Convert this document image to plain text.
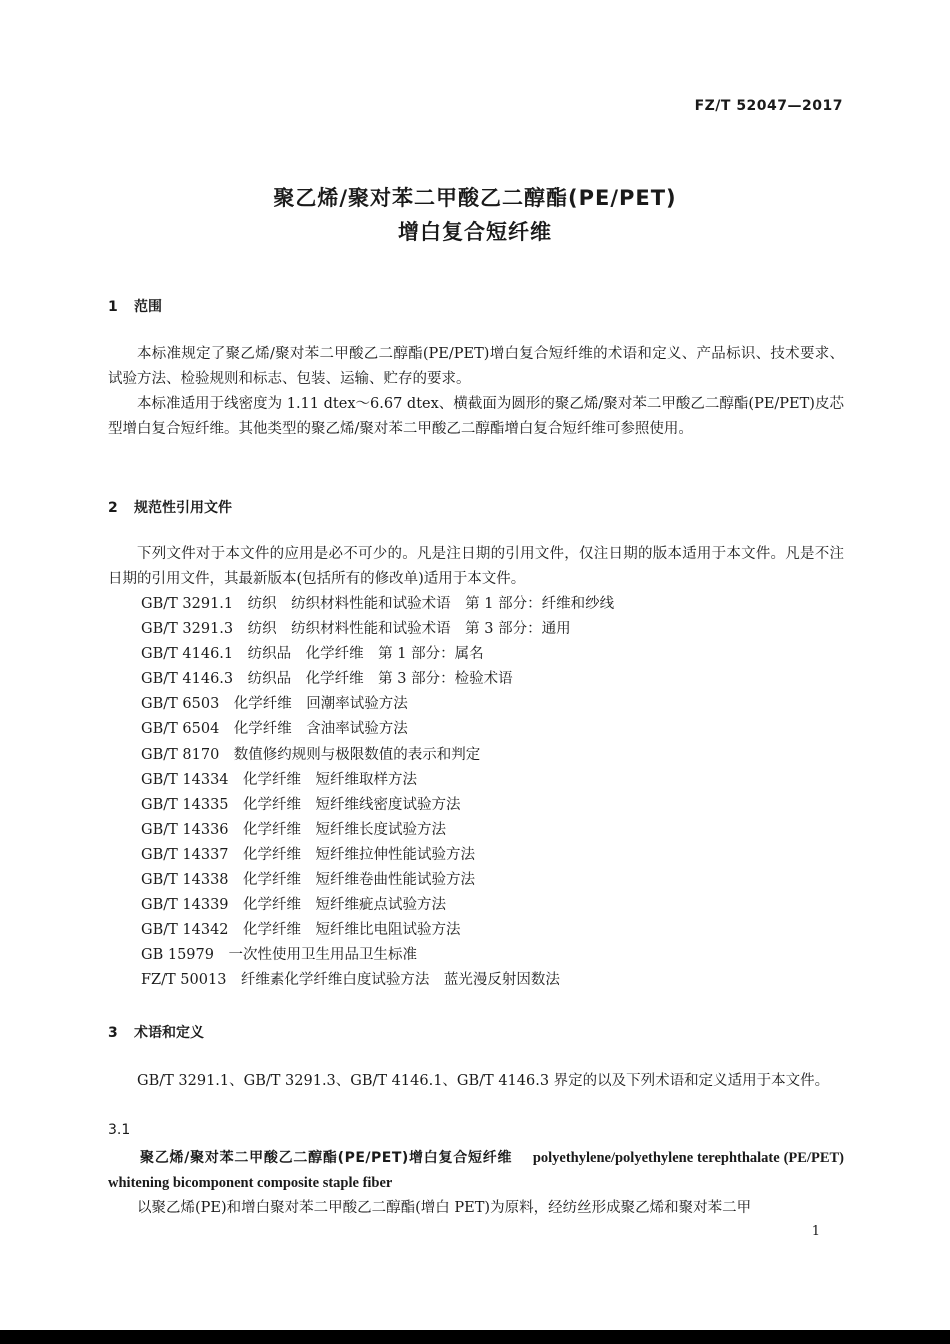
FZ/T 52047—2017
聚乙烯/聚对苯二甲酸乙二醇酯(PE/PET)
增白复合短纤维
1 范围
本标准规定了聚乙烯/聚对苯二甲酸乙二醇酯(PE/PET)增白复合短纤维的术语和定义、产品标识、技术要求、试验方法、检验规则和标志、包装、运输、贮存的要求。
本标准适用于线密度为 1.11 dtex～6.67 dtex、横截面为圆形的聚乙烯/聚对苯二甲酸乙二醇酯(PE/PET)皮芯型增白复合短纤维。其他类型的聚乙烯/聚对苯二甲酸乙二醇酯增白复合短纤维可参照使用。
2 规范性引用文件
下列文件对于本文件的应用是必不可少的。凡是注日期的引用文件，仅注日期的版本适用于本文件。凡是不注日期的引用文件，其最新版本(包括所有的修改单)适用于本文件。
GB/T 3291.1　纺织　纺织材料性能和试验术语　第 1 部分：纤维和纱线
GB/T 3291.3　纺织　纺织材料性能和试验术语　第 3 部分：通用
GB/T 4146.1　纺织品　化学纤维　第 1 部分：属名
GB/T 4146.3　纺织品　化学纤维　第 3 部分：检验术语
GB/T 6503　化学纤维　回潮率试验方法
GB/T 6504　化学纤维　含油率试验方法
GB/T 8170　数值修约规则与极限数值的表示和判定
GB/T 14334　化学纤维　短纤维取样方法
GB/T 14335　化学纤维　短纤维线密度试验方法
GB/T 14336　化学纤维　短纤维长度试验方法
GB/T 14337　化学纤维　短纤维拉伸性能试验方法
GB/T 14338　化学纤维　短纤维卷曲性能试验方法
GB/T 14339　化学纤维　短纤维疵点试验方法
GB/T 14342　化学纤维　短纤维比电阻试验方法
GB 15979　一次性使用卫生用品卫生标准
FZ/T 50013　纤维素化学纤维白度试验方法　蓝光漫反射因数法
3 术语和定义
GB/T 3291.1、GB/T 3291.3、GB/T 4146.1、GB/T 4146.3 界定的以及下列术语和定义适用于本文件。
3.1
聚乙烯/聚对苯二甲酸乙二醇酯(PE/PET)增白复合短纤维 polyethylene/polyethylene terephthalate (PE/PET) whitening bicomponent composite staple fiber
以聚乙烯(PE)和增白聚对苯二甲酸乙二醇酯(增白 PET)为原料，经纺丝形成聚乙烯和聚对苯二甲
1
